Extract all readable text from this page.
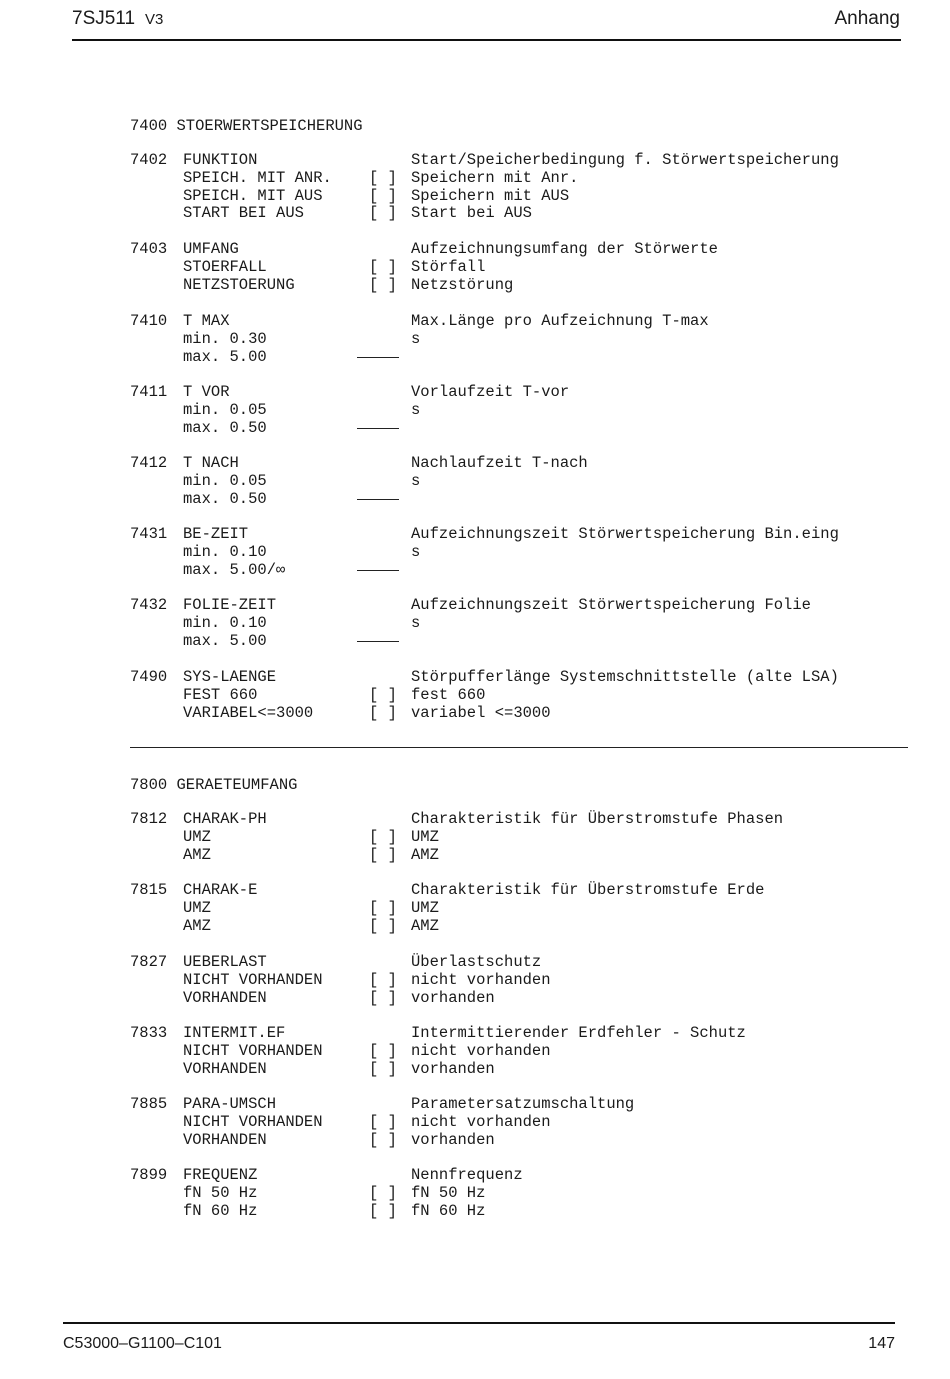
7SJ511 V3	Anhang
7400 STOERWERTSPEICHERUNG
7402 FUNKTION	Start/Speicherbedingung f. Störwertspeicherung
SPEICH. MIT ANR. [ ] Speichern mit Anr.
SPEICH. MIT AUS	[ ] Speichern mit AUS
START BEI AUS	[ ] Start bei AUS
7403 UMFANG	Aufzeichnungsumfang der Störwerte
STOERFALL	[ ] Störfall
NETZSTOERUNG	[ ] Netzstörung
7410 T MAX	Max.Länge pro Aufzeichnung T-max
min. 0.30	s
max. 5.00
7411 T VOR	Vorlaufzeit T-vor
min. 0.05	s
max. 0.50
7412 T NACH	Nachlaufzeit T-nach
min. 0.05	s
max. 0.50
7431 BE-ZEIT	Aufzeichnungszeit Störwertspeicherung Bin.eing
min. 0.10	s
max. 5.00/∞
7432 FOLIE-ZEIT	Aufzeichnungszeit Störwertspeicherung Folie
min. 0.10	s
max. 5.00
7490 SYS-LAENGE	Störpufferlänge Systemschnittstelle (alte LSA)
FEST 660	[ ] fest 660
VARIABEL<=3000	[ ] variabel <=3000
7800 GERAETEUMFANG
7812 CHARAK-PH	Charakteristik für Überstromstufe Phasen
UMZ	[ ] UMZ
AMZ	[ ] AMZ
7815 CHARAK-E	Charakteristik für Überstromstufe Erde
UMZ	[ ] UMZ
AMZ	[ ] AMZ
7827 UEBERLAST	Überlastschutz
NICHT VORHANDEN	[ ] nicht vorhanden
VORHANDEN	[ ] vorhanden
7833 INTERMIT.EF	Intermittierender Erdfehler - Schutz
NICHT VORHANDEN	[ ] nicht vorhanden
VORHANDEN	[ ] vorhanden
7885 PARA-UMSCH	Parametersatzumschaltung
NICHT VORHANDEN	[ ] nicht vorhanden
VORHANDEN	[ ] vorhanden
7899 FREQUENZ	Nennfrequenz
fN 50 Hz	[ ] fN 50 Hz
fN 60 Hz	[ ] fN 60 Hz
C53000–G1100–C101	147
